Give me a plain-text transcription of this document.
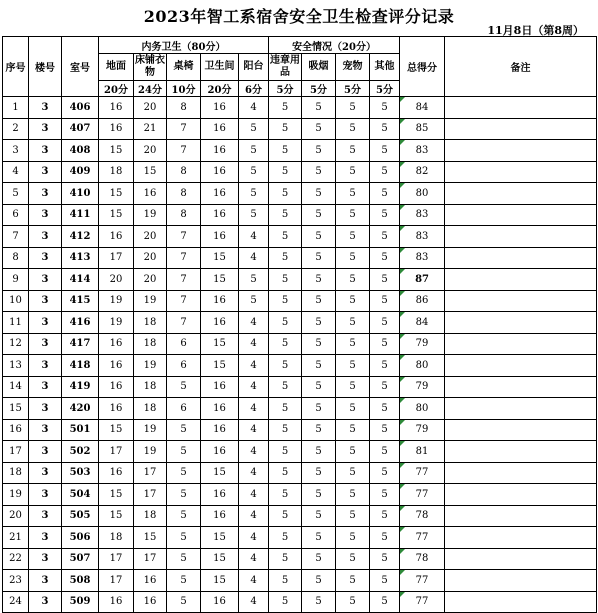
2023年智工系宿舍安全卫生检查评分记录
11月8日（第8周）
序号	楼号	室号	内务卫生（80分）					安全情况（20分）				总得分	备注
			地面	床铺衣物	桌椅	卫生间	阳台	违章用品	吸烟	宠物	其他		
			20分	24分	10分	20分	6分	5分	5分	5分	5分		
1	3	406	16	20	8	16	4	5	5	5	5	84	
2	3	407	16	21	7	16	5	5	5	5	5	85	
3	3	408	15	20	7	16	5	5	5	5	5	83	
4	3	409	18	15	8	16	5	5	5	5	5	82	
5	3	410	15	16	8	16	5	5	5	5	5	80	
6	3	411	15	19	8	16	5	5	5	5	5	83	
7	3	412	16	20	7	16	4	5	5	5	5	83	
8	3	413	17	20	7	15	4	5	5	5	5	83	
9	3	414	20	20	7	15	5	5	5	5	5	87	
10	3	415	19	19	7	16	5	5	5	5	5	86	
11	3	416	19	18	7	16	4	5	5	5	5	84	
12	3	417	16	18	6	15	4	5	5	5	5	79	
13	3	418	16	19	6	15	4	5	5	5	5	80	
14	3	419	16	18	5	16	4	5	5	5	5	79	
15	3	420	16	18	6	16	4	5	5	5	5	80	
16	3	501	15	19	5	16	4	5	5	5	5	79	
17	3	502	17	19	5	16	4	5	5	5	5	81	
18	3	503	16	17	5	15	4	5	5	5	5	77	
19	3	504	15	17	5	16	4	5	5	5	5	77	
20	3	505	15	18	5	16	4	5	5	5	5	78	
21	3	506	18	15	5	15	4	5	5	5	5	77	
22	3	507	17	17	5	15	4	5	5	5	5	78	
23	3	508	17	16	5	15	4	5	5	5	5	77	
24	3	509	16	16	5	16	4	5	5	5	5	77	
